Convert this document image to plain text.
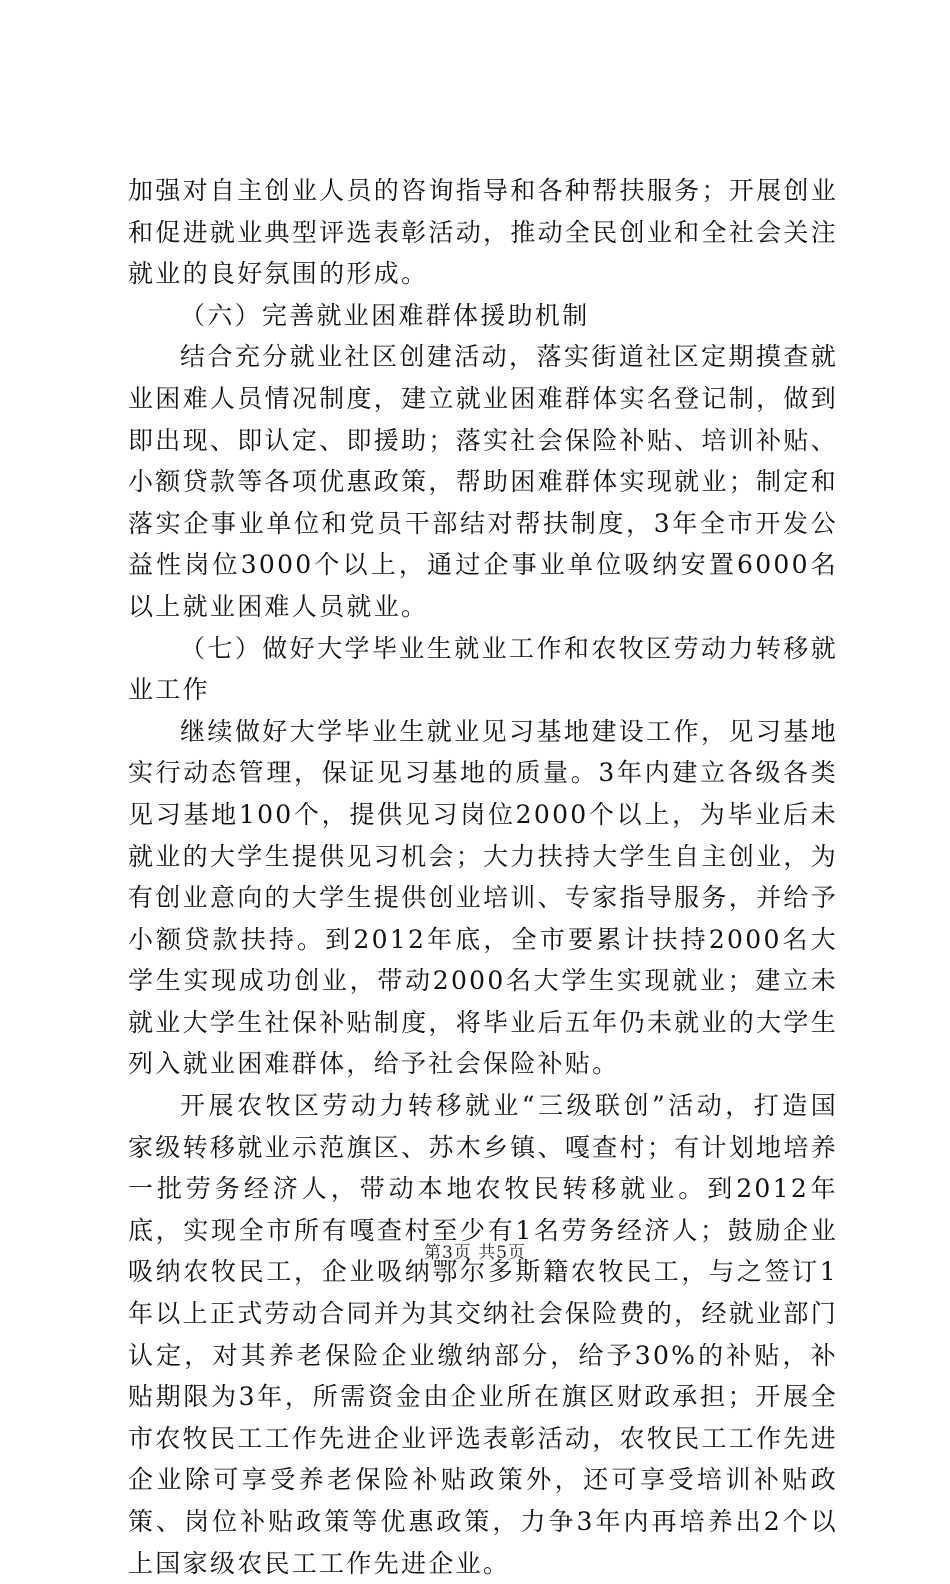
加强对自主创业人员的咨询指导和各种帮扶服务；开展创业和促进就业典型评选表彰活动，推动全民创业和全社会关注就业的良好氛围的形成。

（六）完善就业困难群体援助机制

结合充分就业社区创建活动，落实街道社区定期摸查就业困难人员情况制度，建立就业困难群体实名登记制，做到即出现、即认定、即援助；落实社会保险补贴、培训补贴、小额贷款等各项优惠政策，帮助困难群体实现就业；制定和落实企事业单位和党员干部结对帮扶制度，3年全市开发公益性岗位3000个以上，通过企事业单位吸纳安置6000名以上就业困难人员就业。

（七）做好大学毕业生就业工作和农牧区劳动力转移就业工作

继续做好大学毕业生就业见习基地建设工作，见习基地实行动态管理，保证见习基地的质量。3年内建立各级各类见习基地100个，提供见习岗位2000个以上，为毕业后未就业的大学生提供见习机会；大力扶持大学生自主创业，为有创业意向的大学生提供创业培训、专家指导服务，并给予小额贷款扶持。到2012年底，全市要累计扶持2000名大学生实现成功创业，带动2000名大学生实现就业；建立未就业大学生社保补贴制度，将毕业后五年仍未就业的大学生列入就业困难群体，给予社会保险补贴。

开展农牧区劳动力转移就业“三级联创”活动，打造国家级转移就业示范旗区、苏木乡镇、嘎查村；有计划地培养一批劳务经济人，带动本地农牧民转移就业。到2012年底，实现全市所有嘎查村至少有1名劳务经济人；鼓励企业吸纳农牧民工，企业吸纳鄂尔多斯籍农牧民工，与之签订1年以上正式劳动合同并为其交纳社会保险费的，经就业部门认定，对其养老保险企业缴纳部分，给予30%的补贴，补贴期限为3年，所需资金由企业所在旗区财政承担；开展全市农牧民工工作先进企业评选表彰活动，农牧民工工作先进企业除可享受养老保险补贴政策外，还可享受培训补贴政策、岗位补贴政策等优惠政策，力争3年内再培养出2个以上国家级农民工工作先进企业。

第3页 共5页
